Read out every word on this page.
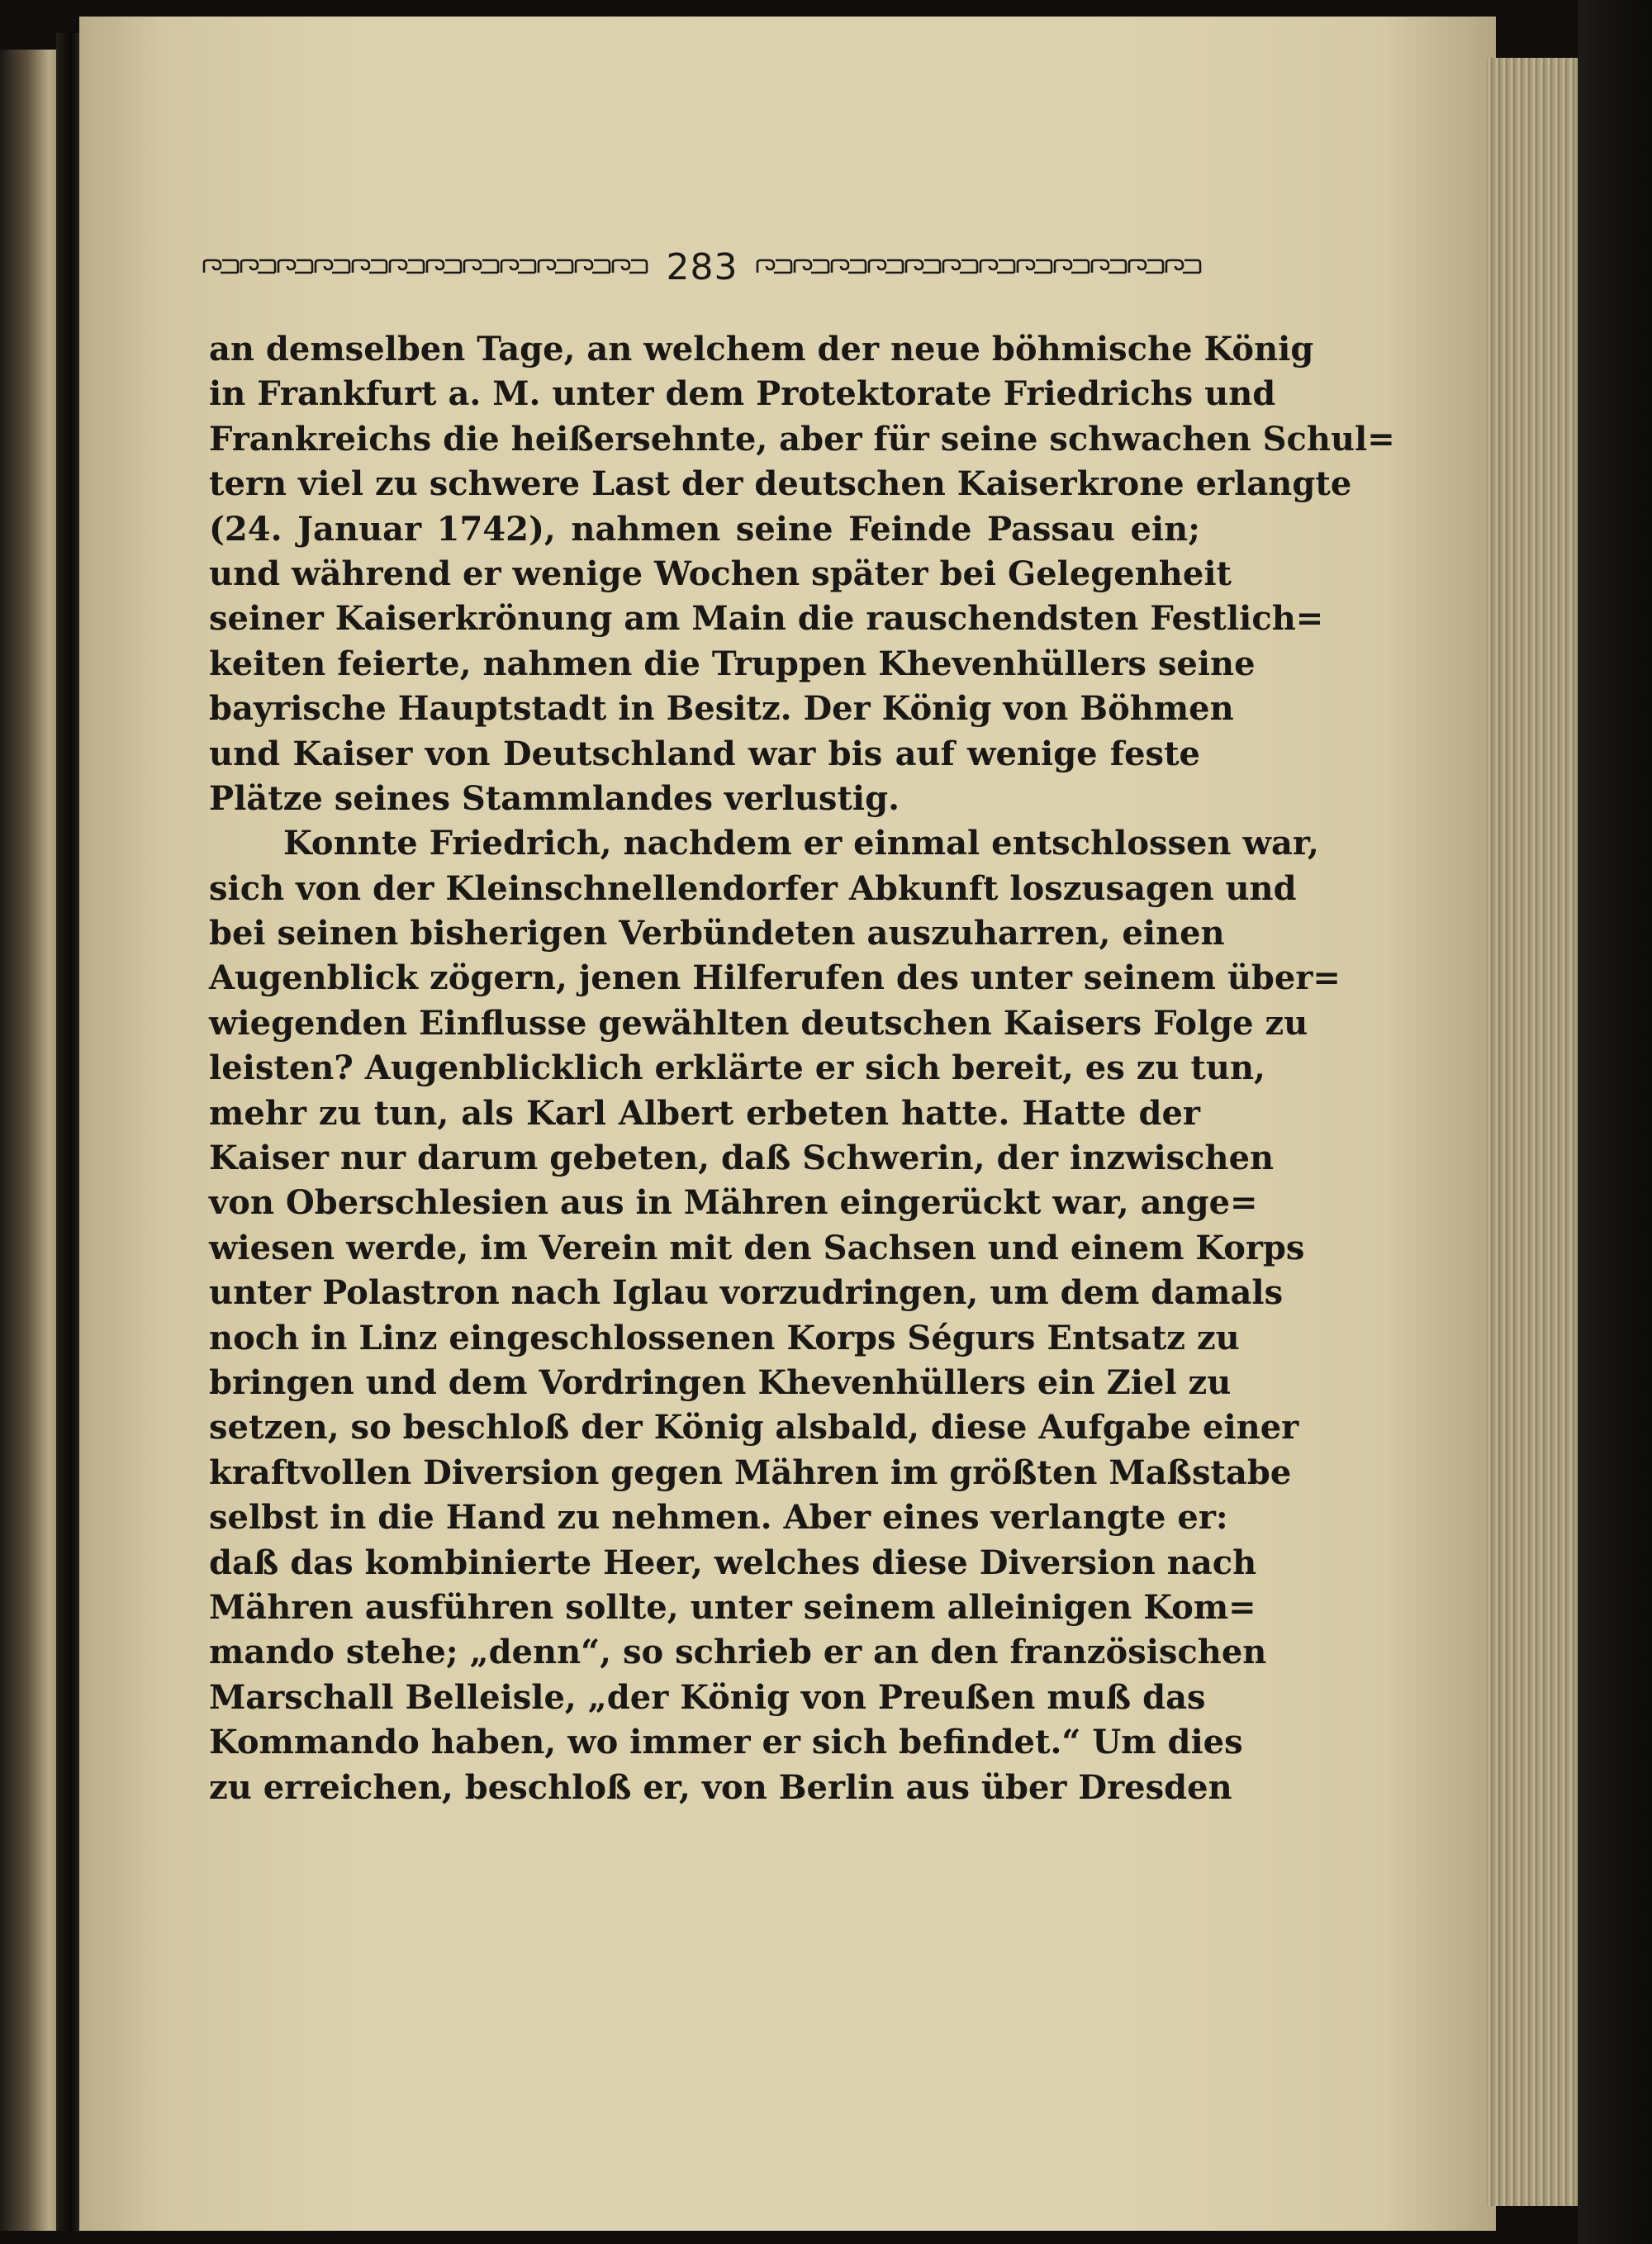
283
an demselben Tage, an welchem der neue böhmische König
in Frankfurt a. M. unter dem Protektorate Friedrichs und
Frankreichs die heißersehnte, aber für seine schwachen Schul=
tern viel zu schwere Last der deutschen Kaiserkrone erlangte
(24. Januar 1742), nahmen seine Feinde Passau ein;
und während er wenige Wochen später bei Gelegenheit
seiner Kaiserkrönung am Main die rauschendsten Festlich=
keiten feierte, nahmen die Truppen Khevenhüllers seine
bayrische Hauptstadt in Besitz. Der König von Böhmen
und Kaiser von Deutschland war bis auf wenige feste
Plätze seines Stammlandes verlustig.
Konnte Friedrich, nachdem er einmal entschlossen war,
sich von der Kleinschnellendorfer Abkunft loszusagen und
bei seinen bisherigen Verbündeten auszuharren, einen
Augenblick zögern, jenen Hilferufen des unter seinem über=
wiegenden Einflusse gewählten deutschen Kaisers Folge zu
leisten? Augenblicklich erklärte er sich bereit, es zu tun,
mehr zu tun, als Karl Albert erbeten hatte. Hatte der
Kaiser nur darum gebeten, daß Schwerin, der inzwischen
von Oberschlesien aus in Mähren eingerückt war, ange=
wiesen werde, im Verein mit den Sachsen und einem Korps
unter Polastron nach Iglau vorzudringen, um dem damals
noch in Linz eingeschlossenen Korps Ségurs Entsatz zu
bringen und dem Vordringen Khevenhüllers ein Ziel zu
setzen, so beschloß der König alsbald, diese Aufgabe einer
kraftvollen Diversion gegen Mähren im größten Maßstabe
selbst in die Hand zu nehmen. Aber eines verlangte er:
daß das kombinierte Heer, welches diese Diversion nach
Mähren ausführen sollte, unter seinem alleinigen Kom=
mando stehe; „denn“, so schrieb er an den französischen
Marschall Belleisle, „der König von Preußen muß das
Kommando haben, wo immer er sich befindet.“ Um dies
zu erreichen, beschloß er, von Berlin aus über Dresden
